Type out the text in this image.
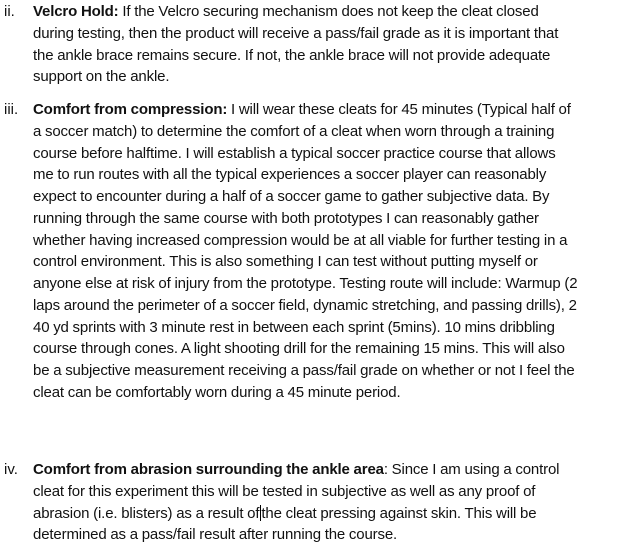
ii. Velcro Hold: If the Velcro securing mechanism does not keep the cleat closed during testing, then the product will receive a pass/fail grade as it is important that the ankle brace remains secure. If not, the ankle brace will not provide adequate support on the ankle.

iii. Comfort from compression: I will wear these cleats for 45 minutes (Typical half of a soccer match) to determine the comfort of a cleat when worn through a training course before halftime. I will establish a typical soccer practice course that allows me to run routes with all the typical experiences a soccer player can reasonably expect to encounter during a half of a soccer game to gather subjective data. By running through the same course with both prototypes I can reasonably gather whether having increased compression would be at all viable for further testing in a control environment. This is also something I can test without putting myself or anyone else at risk of injury from the prototype. Testing route will include: Warmup (2 laps around the perimeter of a soccer field, dynamic stretching, and passing drills), 2 40 yd sprints with 3 minute rest in between each sprint (5mins). 10 mins dribbling course through cones. A light shooting drill for the remaining 15 mins. This will also be a subjective measurement receiving a pass/fail grade on whether or not I feel the cleat can be comfortably worn during a 45 minute period.

iv. Comfort from abrasion surrounding the ankle area: Since I am using a control cleat for this experiment this will be tested in subjective as well as any proof of abrasion (i.e. blisters) as a result of the cleat pressing against skin. This will be determined as a pass/fail result after running the course.
